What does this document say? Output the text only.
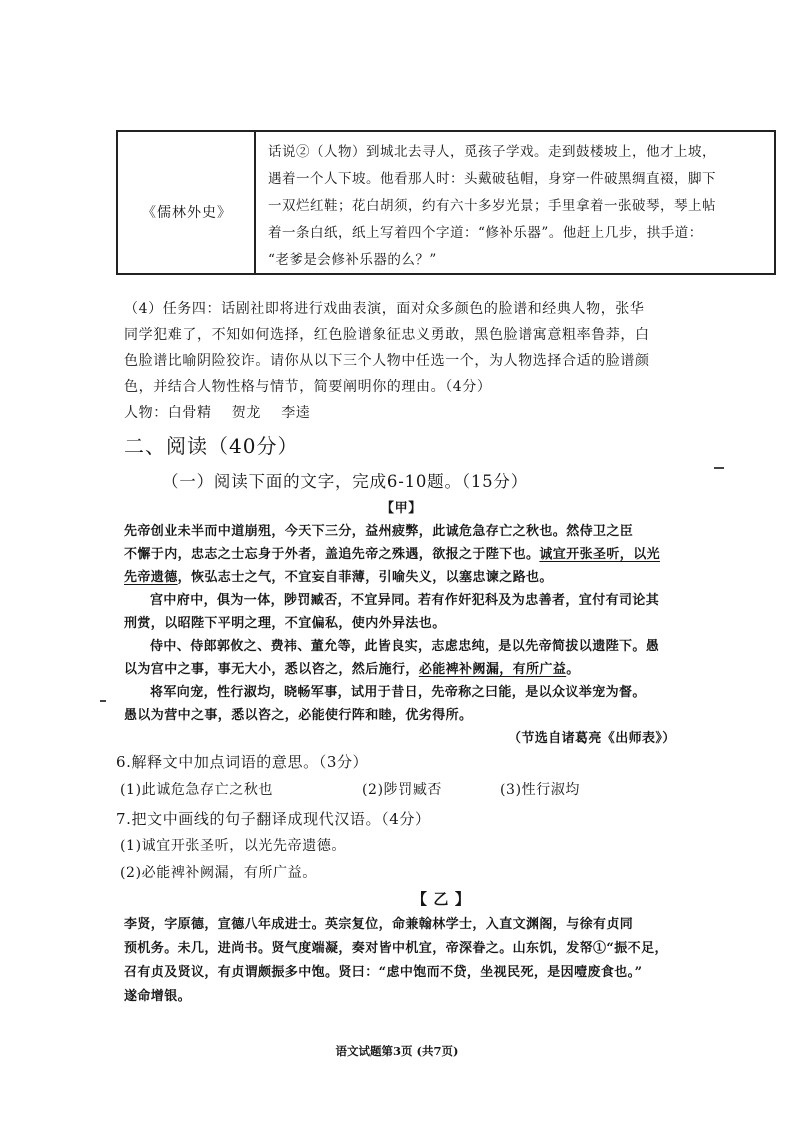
《儒林外史》
话说②（人物）到城北去寻人，觅孩子学戏。走到鼓楼坡上，他才上坡，
遇着一个人下坡。他看那人时：头戴破毡帽，身穿一件破黑绸直裰，脚下
一双烂红鞋；花白胡须，约有六十多岁光景；手里拿着一张破琴，琴上帖
着一条白纸，纸上写着四个字道：“修补乐器”。他赶上几步，拱手道：
“老爹是会修补乐器的么？”
（4）任务四：话剧社即将进行戏曲表演，面对众多颜色的脸谱和经典人物，张华
同学犯难了，不知如何选择，红色脸谱象征忠义勇敢，黑色脸谱寓意粗率鲁莽，白
色脸谱比喻阴险狡诈。请你从以下三个人物中任选一个，为人物选择合适的脸谱颜
色，并结合人物性格与情节，简要阐明你的理由。（4分）
人物：白骨精    贺龙    李逵
二、阅读（40分）
（一）阅读下面的文字，完成6-10题。（15分）
【甲】
先帝创业未半而中道崩殂，今天下三分，益州疲弊，此诚危急存亡之秋也。然侍卫之臣
不懈于内，忠志之士忘身于外者，盖追先帝之殊遇，欲报之于陛下也。诚宜开张圣听，以光
先帝遗德，恢弘志士之气，不宜妄自菲薄，引喻失义，以塞忠谏之路也。
宫中府中，俱为一体，陟罚臧否，不宜异同。若有作奸犯科及为忠善者，宜付有司论其
刑赏，以昭陛下平明之理，不宜偏私，使内外异法也。
侍中、侍郎郭攸之、费祎、董允等，此皆良实，志虑忠纯，是以先帝简拔以遗陛下。愚
以为宫中之事，事无大小，悉以咨之，然后施行，必能裨补阙漏，有所广益。
将军向宠，性行淑均，晓畅军事，试用于昔日，先帝称之曰能，是以众议举宠为督。
愚以为营中之事，悉以咨之，必能使行阵和睦，优劣得所。
（节选自诸葛亮《出师表》）
6.解释文中加点词语的意思。（3分）
(1)此诚危急存亡之秋也	(2)陟罚臧否	(3)性行淑均
7.把文中画线的句子翻译成现代汉语。（4分）
(1)诚宜开张圣听，以光先帝遗德。
(2)必能裨补阙漏，有所广益。
【 乙 】
李贤，字原德，宣德八年成进士。英宗复位，命兼翰林学士，入直文渊阁，与徐有贞同
预机务。未几，进尚书。贤气度端凝，奏对皆中机宜，帝深眷之。山东饥，发帑①“振不足，
召有贞及贤议，有贞谓颇振多中饱。贤曰：“虑中饱而不贷，坐视民死，是因噎废食也。”
遂命增银。
语文试题第3页 (共7页)
